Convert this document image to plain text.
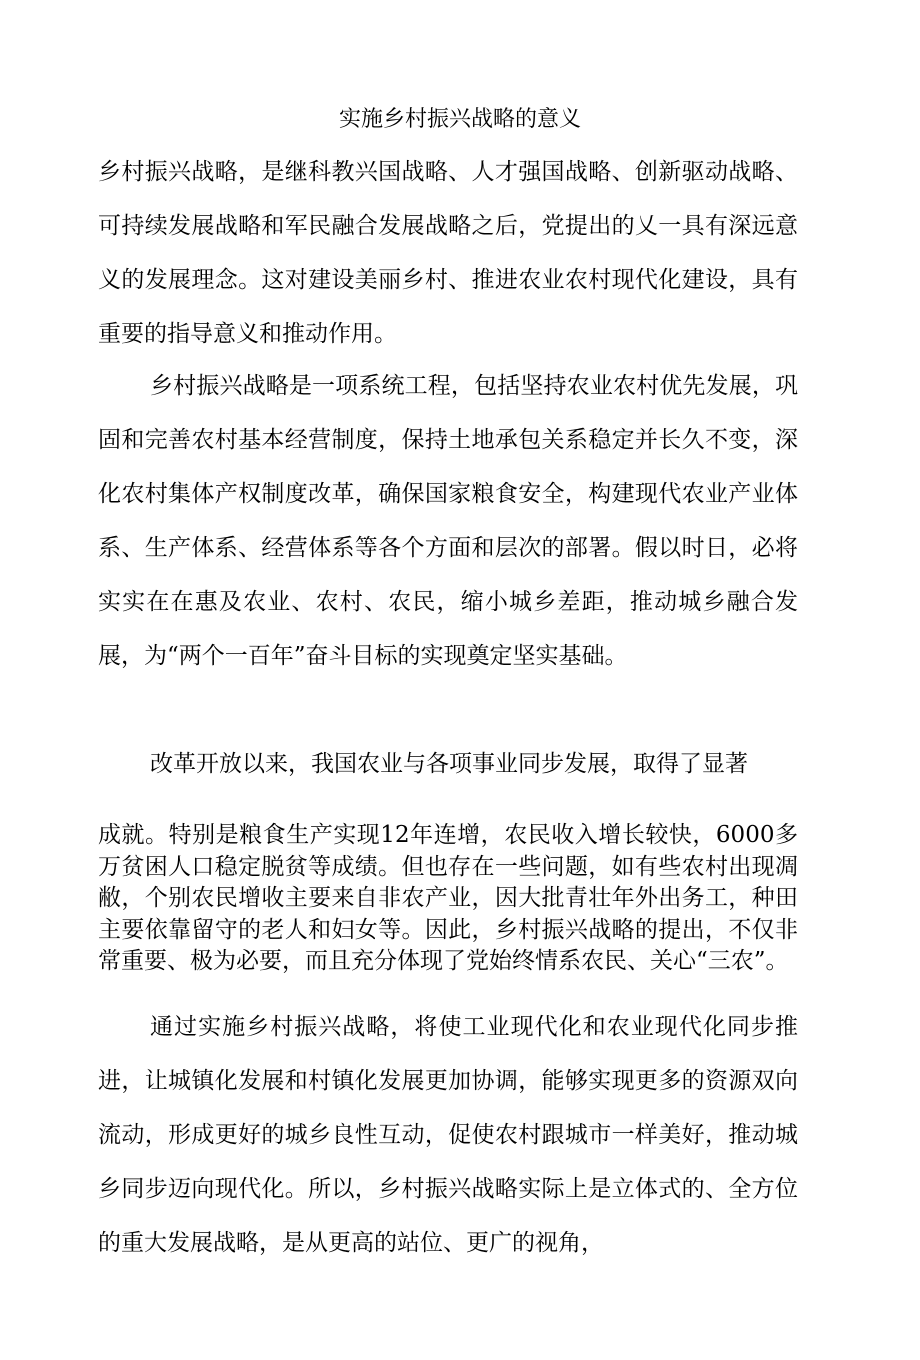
实施乡村振兴战略的意义

乡村振兴战略，是继科教兴国战略、人才强国战略、创新驱动战略、可持续发展战略和军民融合发展战略之后，党提出的乂一具有深远意义的发展理念。这对建设美丽乡村、推进农业农村现代化建设，具有重要的指导意义和推动作用。

乡村振兴战略是一项系统工程，包括坚持农业农村优先发展，巩固和完善农村基本经营制度，保持土地承包关系稳定并长久不变，深化农村集体产权制度改革，确保国家粮食安全，构建现代农业产业体系、生产体系、经营体系等各个方面和层次的部署。假以时日，必将实实在在惠及农业、农村、农民，缩小城乡差距，推动城乡融合发展，为“两个一百年”奋斗目标的实现奠定坚实基础。

改革开放以来，我国农业与各项事业同步发展，取得了显著

成就。特别是粮食生产实现12年连增，农民收入增长较快，6000多万贫困人口稳定脱贫等成绩。但也存在一些问题，如有些农村出现凋敝，个别农民增收主要来自非农产业，因大批青壮年外出务工，种田主要依靠留守的老人和妇女等。因此，乡村振兴战略的提出，不仅非常重要、极为必要，而且充分体现了党始终情系农民、关心“三农”。

通过实施乡村振兴战略，将使工业现代化和农业现代化同步推进，让城镇化发展和村镇化发展更加协调，能够实现更多的资源双向流动，形成更好的城乡良性互动，促使农村跟城市一样美好，推动城乡同步迈向现代化。所以，乡村振兴战略实际上是立体式的、全方位的重大发展战略，是从更高的站位、更广的视角，
